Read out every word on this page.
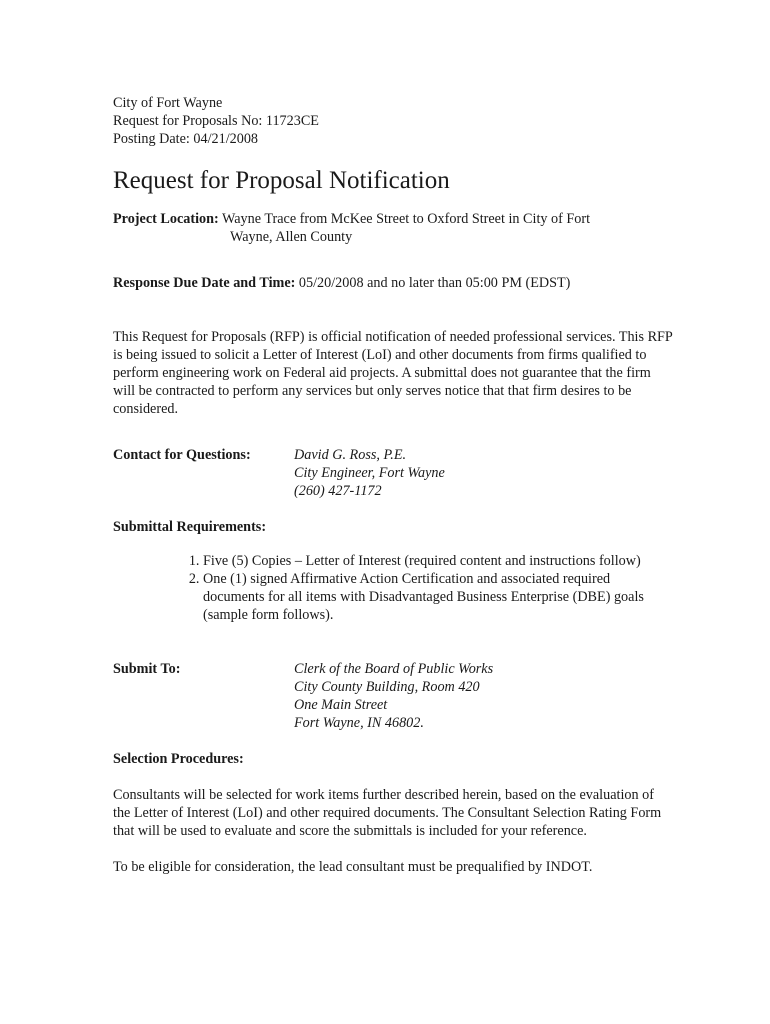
City of Fort Wayne
Request for Proposals No: 11723CE
Posting Date: 04/21/2008
Request for Proposal Notification
Project Location: Wayne Trace from McKee Street to Oxford Street in City of Fort
Wayne, Allen County
Response Due Date and Time: 05/20/2008 and no later than 05:00 PM (EDST)
This Request for Proposals (RFP) is official notification of needed professional services. This RFP is being issued to solicit a Letter of Interest (LoI) and other documents from firms qualified to perform engineering work on Federal aid projects. A submittal does not guarantee that the firm will be contracted to perform any services but only serves notice that that firm desires to be considered.
Contact for Questions:	David G. Ross, P.E.
City Engineer, Fort Wayne
(260) 427-1172
Submittal Requirements:
1. Five (5) Copies – Letter of Interest (required content and instructions follow)
2. One (1) signed Affirmative Action Certification and associated required documents for all items with Disadvantaged Business Enterprise (DBE) goals (sample form follows).
Submit To:	Clerk of the Board of Public Works
City County Building, Room 420
One Main Street
Fort Wayne, IN 46802.
Selection Procedures:
Consultants will be selected for work items further described herein, based on the evaluation of the Letter of Interest (LoI) and other required documents. The Consultant Selection Rating Form that will be used to evaluate and score the submittals is included for your reference.
To be eligible for consideration, the lead consultant must be prequalified by INDOT.
